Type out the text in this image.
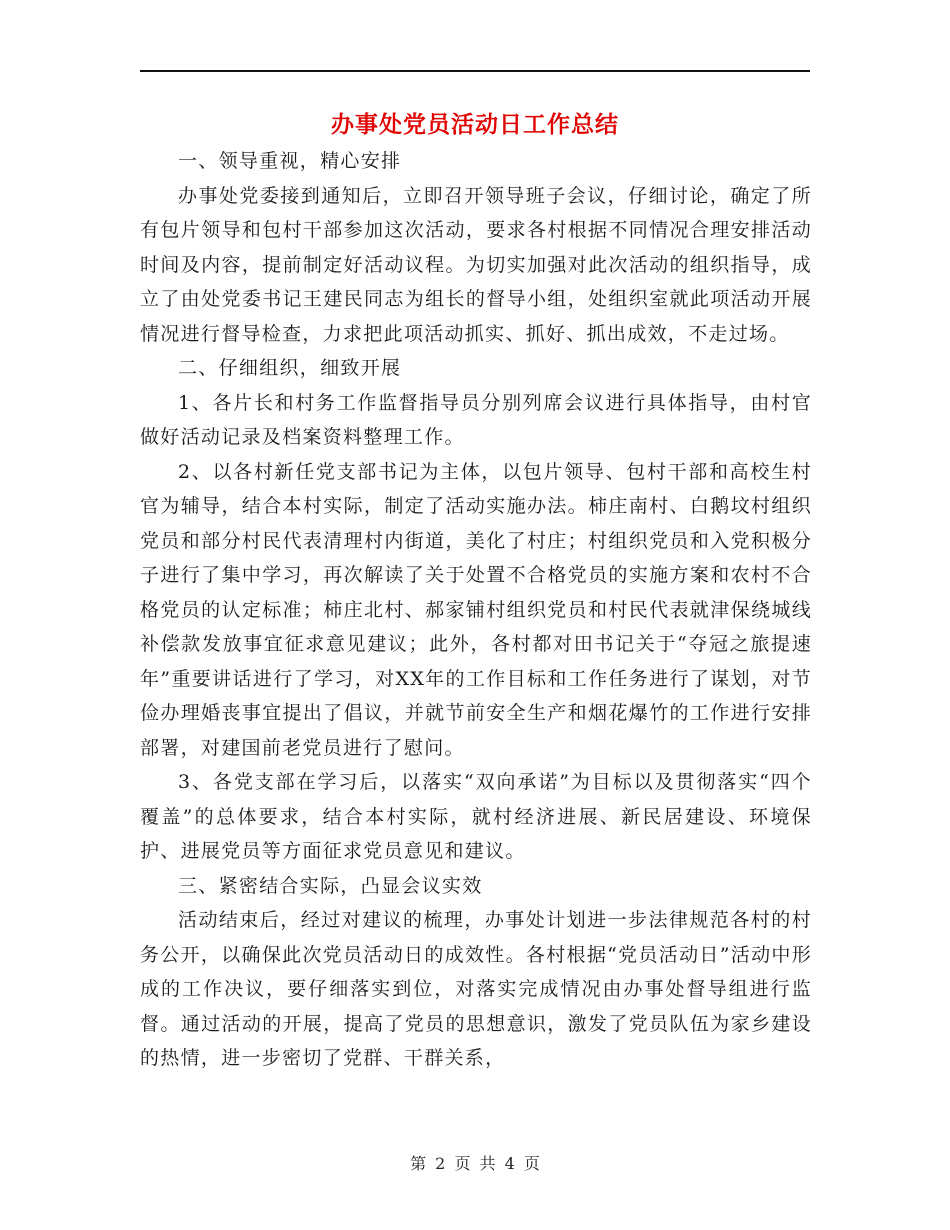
办事处党员活动日工作总结

一、领导重视，精心安排

办事处党委接到通知后，立即召开领导班子会议，仔细讨论，确定了所有包片领导和包村干部参加这次活动，要求各村根据不同情况合理安排活动时间及内容，提前制定好活动议程。为切实加强对此次活动的组织指导，成立了由处党委书记王建民同志为组长的督导小组，处组织室就此项活动开展情况进行督导检查，力求把此项活动抓实、抓好、抓出成效，不走过场。

二、仔细组织，细致开展

1、各片长和村务工作监督指导员分别列席会议进行具体指导，由村官做好活动记录及档案资料整理工作。

2、以各村新任党支部书记为主体，以包片领导、包村干部和高校生村官为辅导，结合本村实际，制定了活动实施办法。柿庄南村、白鹅坟村组织党员和部分村民代表清理村内街道，美化了村庄；村组织党员和入党积极分子进行了集中学习，再次解读了关于处置不合格党员的实施方案和农村不合格党员的认定标准；柿庄北村、郝家铺村组织党员和村民代表就津保绕城线补偿款发放事宜征求意见建议；此外，各村都对田书记关于“夺冠之旅提速年”重要讲话进行了学习，对XX年的工作目标和工作任务进行了谋划，对节俭办理婚丧事宜提出了倡议，并就节前安全生产和烟花爆竹的工作进行安排部署，对建国前老党员进行了慰问。

3、各党支部在学习后，以落实“双向承诺”为目标以及贯彻落实“四个覆盖”的总体要求，结合本村实际，就村经济进展、新民居建设、环境保护、进展党员等方面征求党员意见和建议。

三、紧密结合实际，凸显会议实效

活动结束后，经过对建议的梳理，办事处计划进一步法律规范各村的村务公开，以确保此次党员活动日的成效性。各村根据“党员活动日”活动中形成的工作决议，要仔细落实到位，对落实完成情况由办事处督导组进行监督。通过活动的开展，提高了党员的思想意识，激发了党员队伍为家乡建设的热情，进一步密切了党群、干群关系，

第 2 页 共 4 页
